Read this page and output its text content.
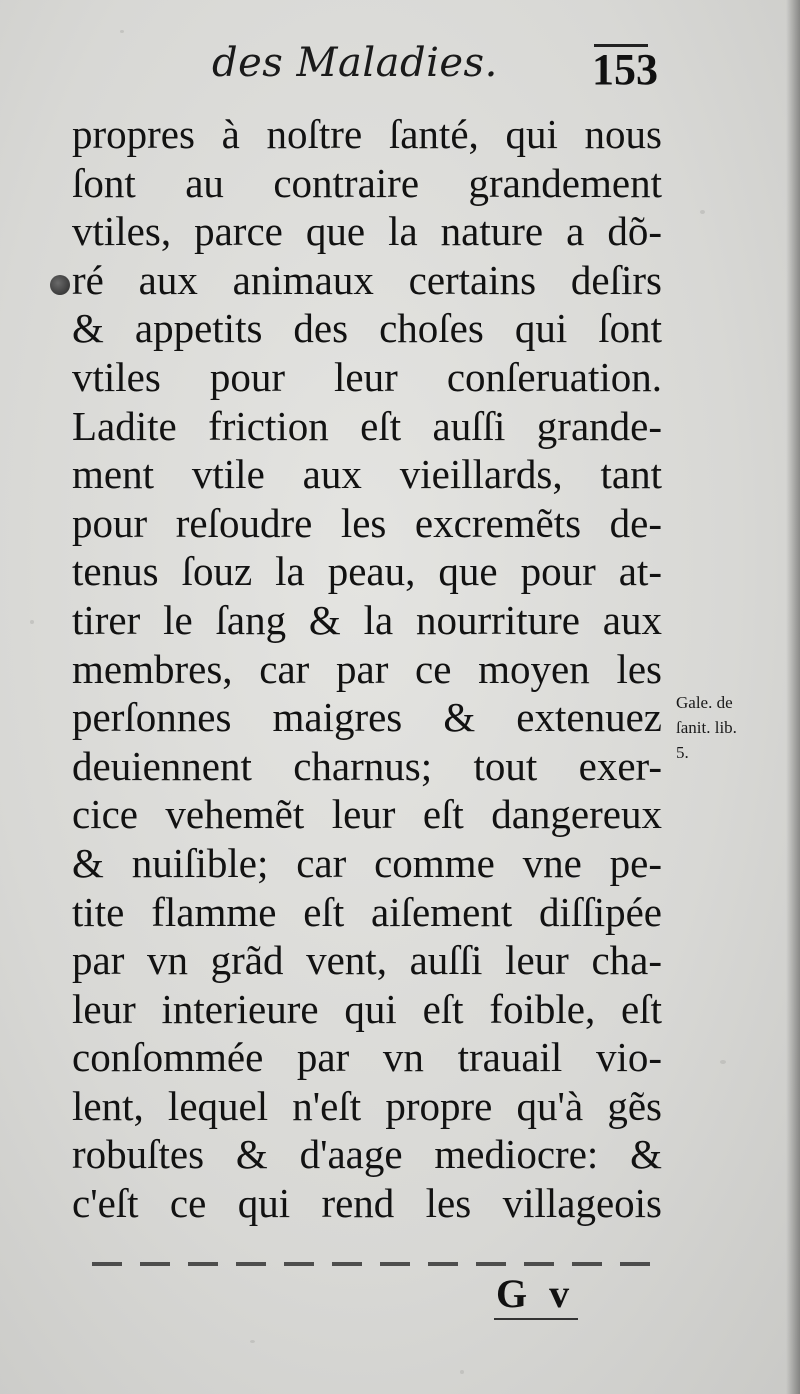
des Maladies. 153
propres à noſtre ſanté, qui nous
ſont au contraire grandement
vtiles, parce que la nature a dõ-
ré aux animaux certains deſirs
& appetits des choſes qui ſont
vtiles pour leur conſeruation.
Ladite friction eſt auſſi grande-
ment vtile aux vieillards, tant
pour reſoudre les excremẽts de-
tenus ſouz la peau, que pour at-
tirer le ſang & la nourriture aux
membres, car par ce moyen les
perſonnes maigres & extenuez
deuiennent charnus; tout exer-
cice vehemẽt leur eſt dangereux
& nuiſible; car comme vne pe-
tite flamme eſt aiſement diſſipée
par vn grãd vent, auſſi leur cha-
leur interieure qui eſt foible, eſt
conſommée par vn trauail vio-
lent, lequel n'eſt propre qu'à gẽs
robuſtes & d'aage mediocre: &
c'eſt ce qui rend les villageois
Gale. de
ſanit. lib.
5.
G v
